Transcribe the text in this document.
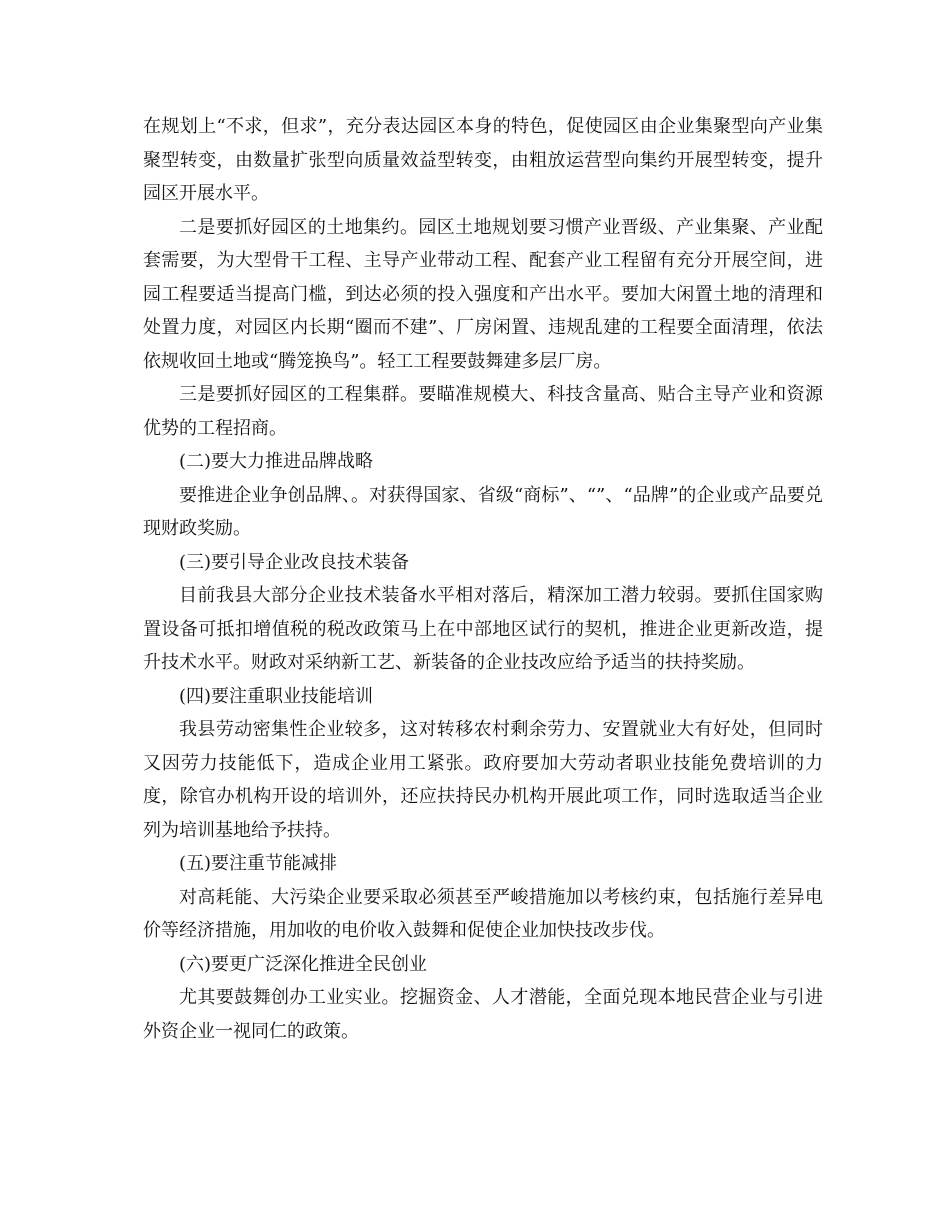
在规划上“不求，但求”，充分表达园区本身的特色，促使园区由企业集聚型向产业集聚型转变，由数量扩张型向质量效益型转变，由粗放运营型向集约开展型转变，提升园区开展水平。

二是要抓好园区的土地集约。园区土地规划要习惯产业晋级、产业集聚、产业配套需要，为大型骨干工程、主导产业带动工程、配套产业工程留有充分开展空间，进园工程要适当提高门槛，到达必须的投入强度和产出水平。要加大闲置土地的清理和处置力度，对园区内长期“圈而不建”、厂房闲置、违规乱建的工程要全面清理，依法依规收回土地或“腾笼换鸟”。轻工工程要鼓舞建多层厂房。

三是要抓好园区的工程集群。要瞄准规模大、科技含量高、贴合主导产业和资源优势的工程招商。

(二)要大力推进品牌战略

要推进企业争创品牌、。对获得国家、省级“商标”、“”、“品牌”的企业或产品要兑现财政奖励。

(三)要引导企业改良技术装备

目前我县大部分企业技术装备水平相对落后，精深加工潜力较弱。要抓住国家购置设备可抵扣增值税的税改政策马上在中部地区试行的契机，推进企业更新改造，提升技术水平。财政对采纳新工艺、新装备的企业技改应给予适当的扶持奖励。

(四)要注重职业技能培训

我县劳动密集性企业较多，这对转移农村剩余劳力、安置就业大有好处，但同时又因劳力技能低下，造成企业用工紧张。政府要加大劳动者职业技能免费培训的力度，除官办机构开设的培训外，还应扶持民办机构开展此项工作，同时选取适当企业列为培训基地给予扶持。

(五)要注重节能减排

对高耗能、大污染企业要采取必须甚至严峻措施加以考核约束，包括施行差异电价等经济措施，用加收的电价收入鼓舞和促使企业加快技改步伐。

(六)要更广泛深化推进全民创业

尤其要鼓舞创办工业实业。挖掘资金、人才潜能，全面兑现本地民营企业与引进外资企业一视同仁的政策。
